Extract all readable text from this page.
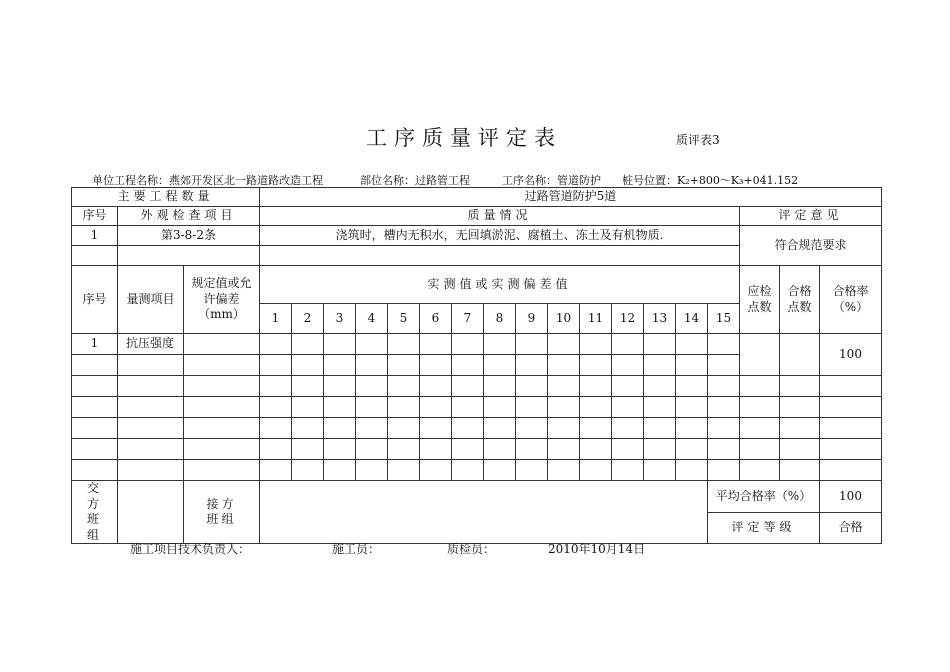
工序质量评定表	质评表3
单位工程名称：燕郊开发区北一路道路改造工程	部位名称：过路管工程	工序名称：管道防护 桩号位置：K₂+800～K₃+041.152
主要工程数量			过路管道防护5道																	
序号	外观检查项目		质量情况															评定意见		
1	第3-8-2条		浇筑时，槽内无积水，无回填淤泥、腐植土、冻土及有机物质.															符合规范要求		

序号	量测项目	规定值或允许偏差（mm）	实测值或实测偏差值															应检点数	合格点数	合格率（%）
			1	2	3	4	5	6	7	8	9	10	11	12	13	14	15			
1	抗压强度																			100

交方班组		接方班组															平均合格率（%）			100
																	评定等级			合格
施工项目技术负责人：	施工员：	质检员：	2010年10月14日
